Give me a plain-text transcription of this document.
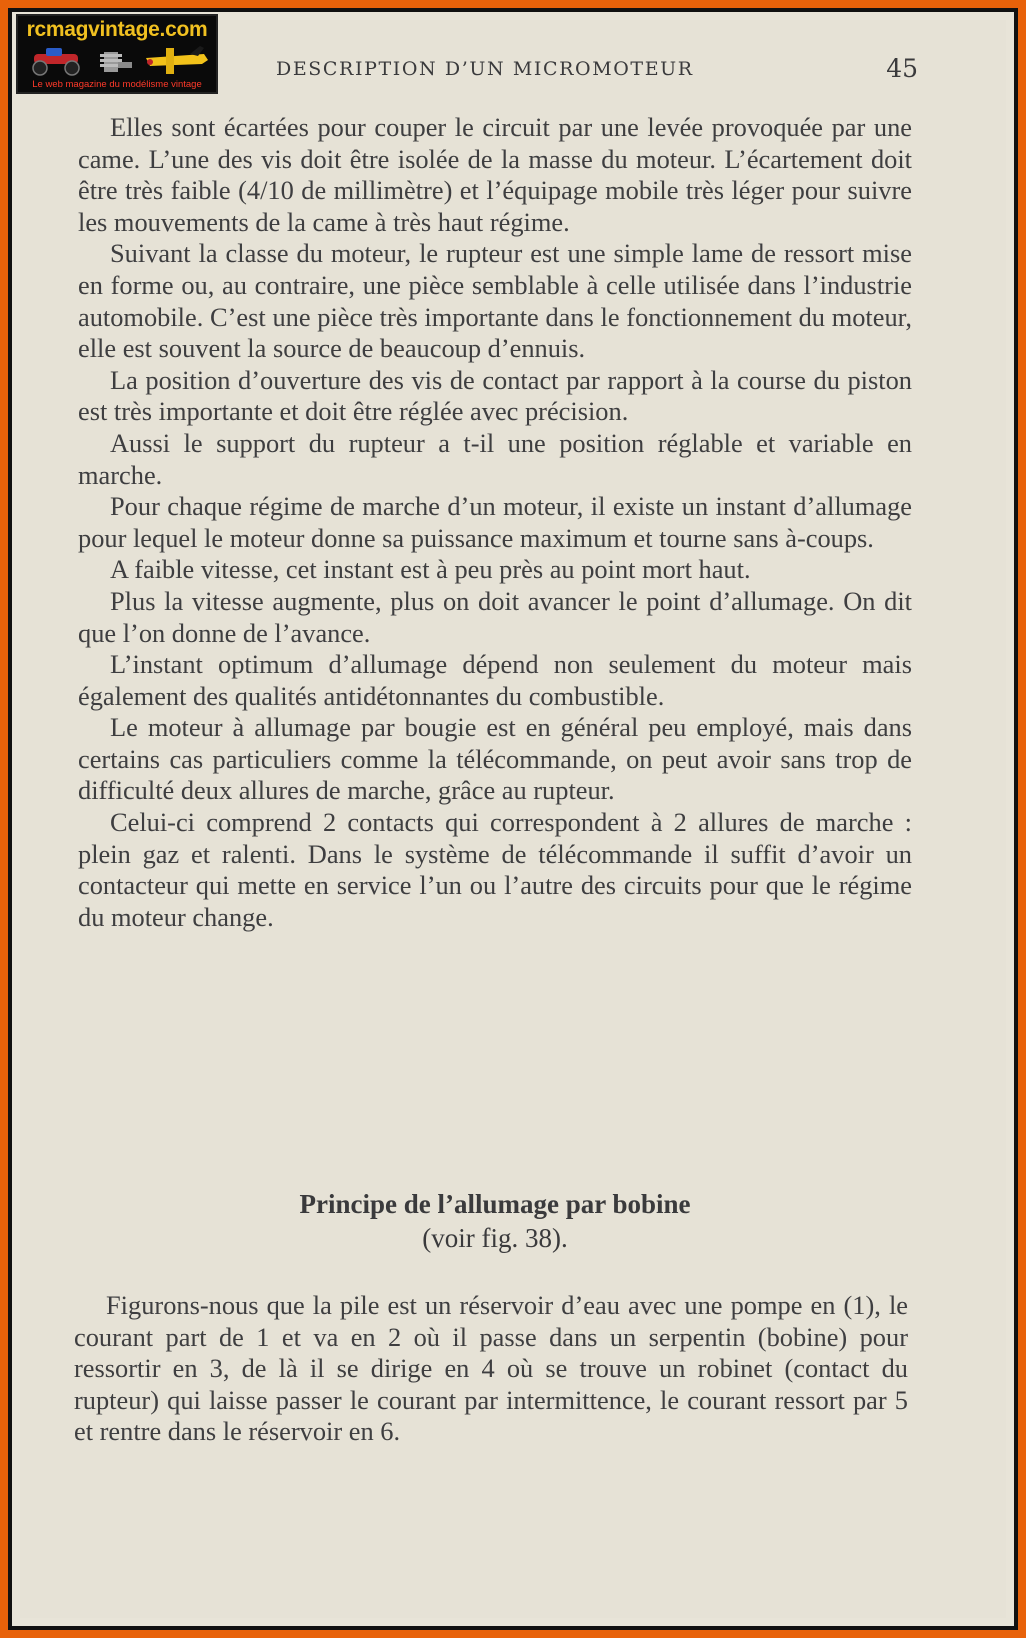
rcmagvintage.com
Le web magazine du modélisme vintage
DESCRIPTION D’UN MICROMOTEUR	45

Elles sont écartées pour couper le circuit par une levée provoquée par une came. L’une des vis doit être isolée de la masse du moteur. L’écartement doit être très faible (4/10 de millimètre) et l’équipage mobile très léger pour suivre les mouvements de la came à très haut régime.

Suivant la classe du moteur, le rupteur est une simple lame de ressort mise en forme ou, au contraire, une pièce semblable à celle utilisée dans l’industrie automobile. C’est une pièce très importante dans le fonctionnement du moteur, elle est souvent la source de beaucoup d’ennuis.

La position d’ouverture des vis de contact par rapport à la course du piston est très importante et doit être réglée avec précision.

Aussi le support du rupteur a t-il une position réglable et variable en marche.

Pour chaque régime de marche d’un moteur, il existe un instant d’allumage pour lequel le moteur donne sa puissance maximum et tourne sans à-coups.

A faible vitesse, cet instant est à peu près au point mort haut.

Plus la vitesse augmente, plus on doit avancer le point d’allumage. On dit que l’on donne de l’avance.

L’instant optimum d’allumage dépend non seulement du moteur mais également des qualités antidétonnantes du combustible.

Le moteur à allumage par bougie est en général peu employé, mais dans certains cas particuliers comme la télécommande, on peut avoir sans trop de difficulté deux allures de marche, grâce au rupteur.

Celui-ci comprend 2 contacts qui correspondent à 2 allures de marche : plein gaz et ralenti. Dans le système de télécommande il suffit d’avoir un contacteur qui mette en service l’un ou l’autre des circuits pour que le régime du moteur change.

Principe de l’allumage par bobine
(voir fig. 38).

Figurons-nous que la pile est un réservoir d’eau avec une pompe en (1), le courant part de 1 et va en 2 où il passe dans un serpentin (bobine) pour ressortir en 3, de là il se dirige en 4 où se trouve un robinet (contact du rupteur) qui laisse passer le courant par intermittence, le courant ressort par 5 et rentre dans le réservoir en 6.
